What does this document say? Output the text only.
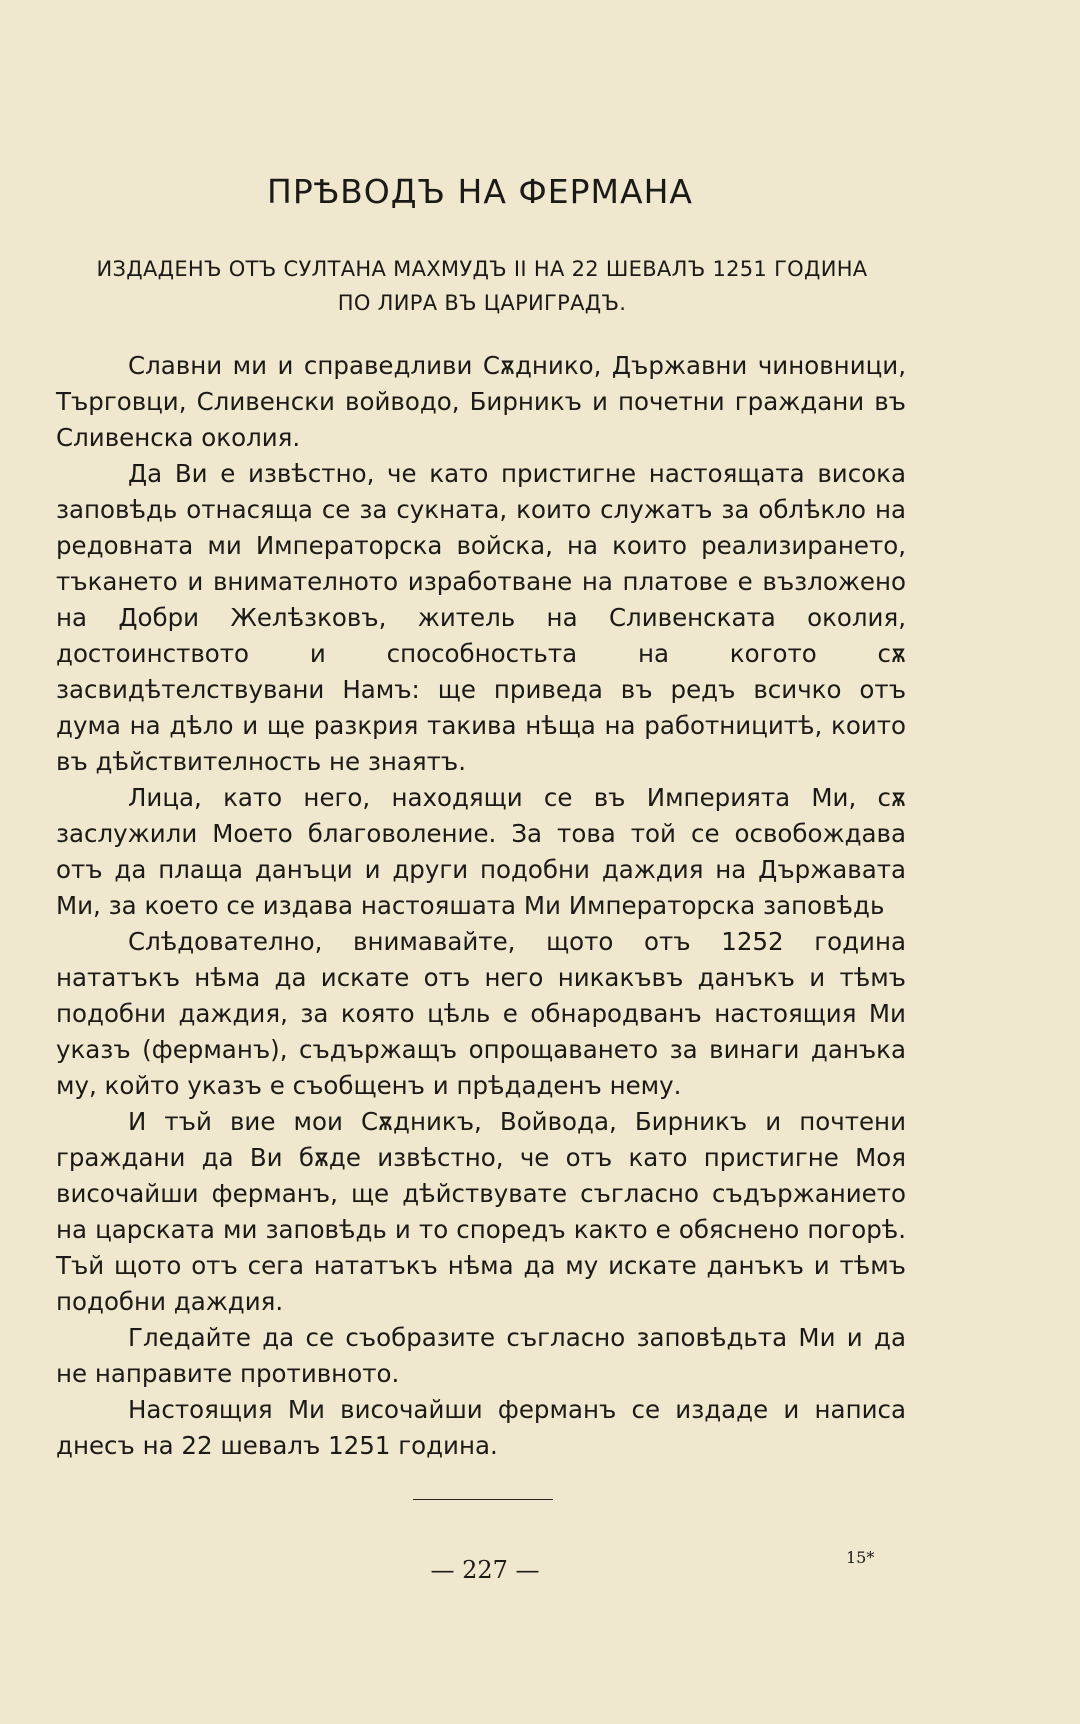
ПРѢВОДЪ НА ФЕРМАНА
ИЗДАДЕНЪ ОТЪ СУЛТАНА МАХМУДЪ II НА 22 ШЕВАЛЪ 1251 ГОДИНА
ПО ЛИРА ВЪ ЦАРИГРАДЪ.

Славни ми и справедливи Сѫднико, Държавни чиновници, Търговци, Сливенски войводо, Бирникъ и почетни граждани въ Сливенска околия.

Да Ви е извѣстно, че като пристигне настоящата висока заповѣдь отнасяща се за сукната, които служатъ за облѣкло на редовната ми Императорска войска, на които реализирането, тъкането и внимателното изработване на платове е възложено на Добри Желѣзковъ, житель на Сливенската околия, достоинството и способностьта на когото сѫ засвидѣтелствувани Намъ: ще приведа въ редъ всичко отъ дума на дѣло и ще разкрия такива нѣща на работницитѣ, които въ дѣйствителность не знаятъ.

Лица, като него, находящи се въ Империята Ми, сѫ заслужили Моето благоволение. За това той се освобождава отъ да плаща данъци и други подобни даждия на Държавата Ми, за което се издава настояшата Ми Императорска заповѣдь

Слѣдователно, внимавайте, щото отъ 1252 година нататъкъ нѣма да искате отъ него никакъвъ данъкъ и тѣмъ подобни даждия, за която цѣль е обнародванъ настоящия Ми указъ (ферманъ), съдържащъ опрощаването за винаги данъка му, който указъ е съобщенъ и прѣдаденъ нему.

И тъй вие мои Сѫдникъ, Войвода, Бирникъ и почтени граждани да Ви бѫде извѣстно, че отъ като пристигне Моя височайши ферманъ, ще дѣйствувате съгласно съдържанието на царската ми заповѣдь и то споредъ както е обяснено погорѣ. Тъй щото отъ сега нататъкъ нѣма да му искате данъкъ и тѣмъ подобни даждия.

Гледайте да се съобразите съгласно заповѣдьта Ми и да не направите противното.

Настоящия Ми височайши ферманъ се издаде и написа днесъ на 22 шевалъ 1251 година.

— 227 —	15*
